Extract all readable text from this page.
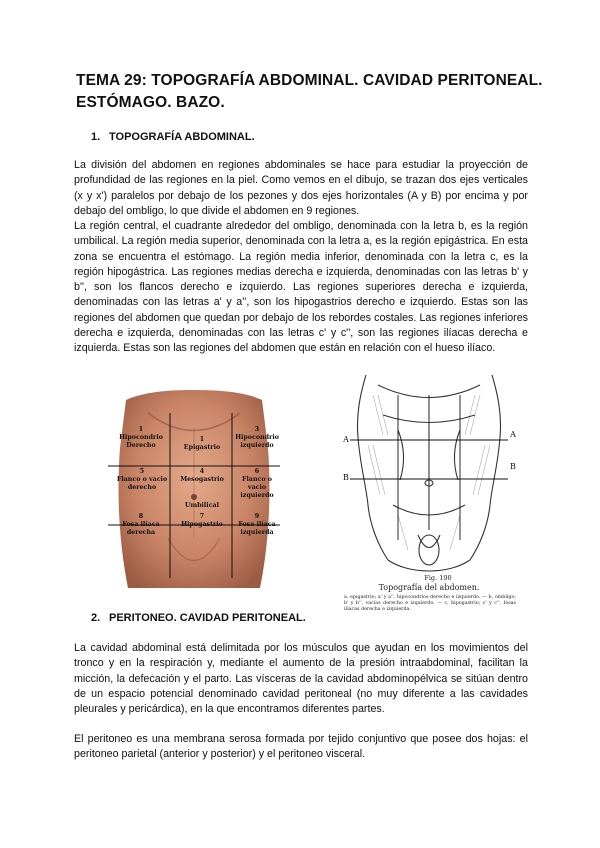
TEMA 29: TOPOGRAFÍA ABDOMINAL. CAVIDAD PERITONEAL. ESTÓMAGO. BAZO.
1. TOPOGRAFÍA ABDOMINAL.

La división del abdomen en regiones abdominales se hace para estudiar la proyección de profundidad de las regiones en la piel. Como vemos en el dibujo, se trazan dos ejes verticales (x y x') paralelos por debajo de los pezones y dos ejes horizontales (A y B) por encima y por debajo del ombligo, lo que divide el abdomen en 9 regiones.

La región central, el cuadrante alrededor del ombligo, denominada con la letra b, es la región umbilical. La región media superior, denominada con la letra a, es la región epigástrica. En esta zona se encuentra el estómago. La región media inferior, denominada con la letra c, es la región hipogástrica. Las regiones medias derecha e izquierda, denominadas con las letras b' y b'', son los flancos derecho e izquierdo. Las regiones superiores derecha e izquierda, denominadas con las letras a' y a'', son los hipogastrios derecho e izquierdo. Estas son las regiones del abdomen que quedan por debajo de los rebordes costales. Las regiones inferiores derecha e izquierda, denominadas con las letras c' y c'', son las regiones ilíacas derecha e izquierda. Estas son las regiones del abdomen que están en relación con el hueso ilíaco.

1
Hipocondrio Derecho
1
Epigastrio
3
Hipocondrio izquierdo
5
Flanco o vacio derecho
4
Mesogastrio
6
Flanco o vacio izquierdo
Umbilical
8
Fosa ilíaca derecha
7
Hipogastrio
9
Fosa ilíaca izquierda
A
A
B
B
Fig. 190
Topografía del abdomen.
a, epigastrio; a' y a'', hipocondrios derecho e izquierdo. — b, ombligo; b' y b'', vacíos derecho e izquierdo. — c, hipogastrio; c' y c'', fosas ilíacas derecha e izquierda.
2. PERITONEO. CAVIDAD PERITONEAL.

La cavidad abdominal está delimitada por los músculos que ayudan en los movimientos del tronco y en la respiración y, mediante el aumento de la presión intraabdominal, facilitan la micción, la defecación y el parto. Las vísceras de la cavidad abdominopélvica se sitúan dentro de un espacio potencial denominado cavidad peritoneal (no muy diferente a las cavidades pleurales y pericárdica), en la que encontramos diferentes partes.

El peritoneo es una membrana serosa formada por tejido conjuntivo que posee dos hojas: el peritoneo parietal (anterior y posterior) y el peritoneo visceral.
